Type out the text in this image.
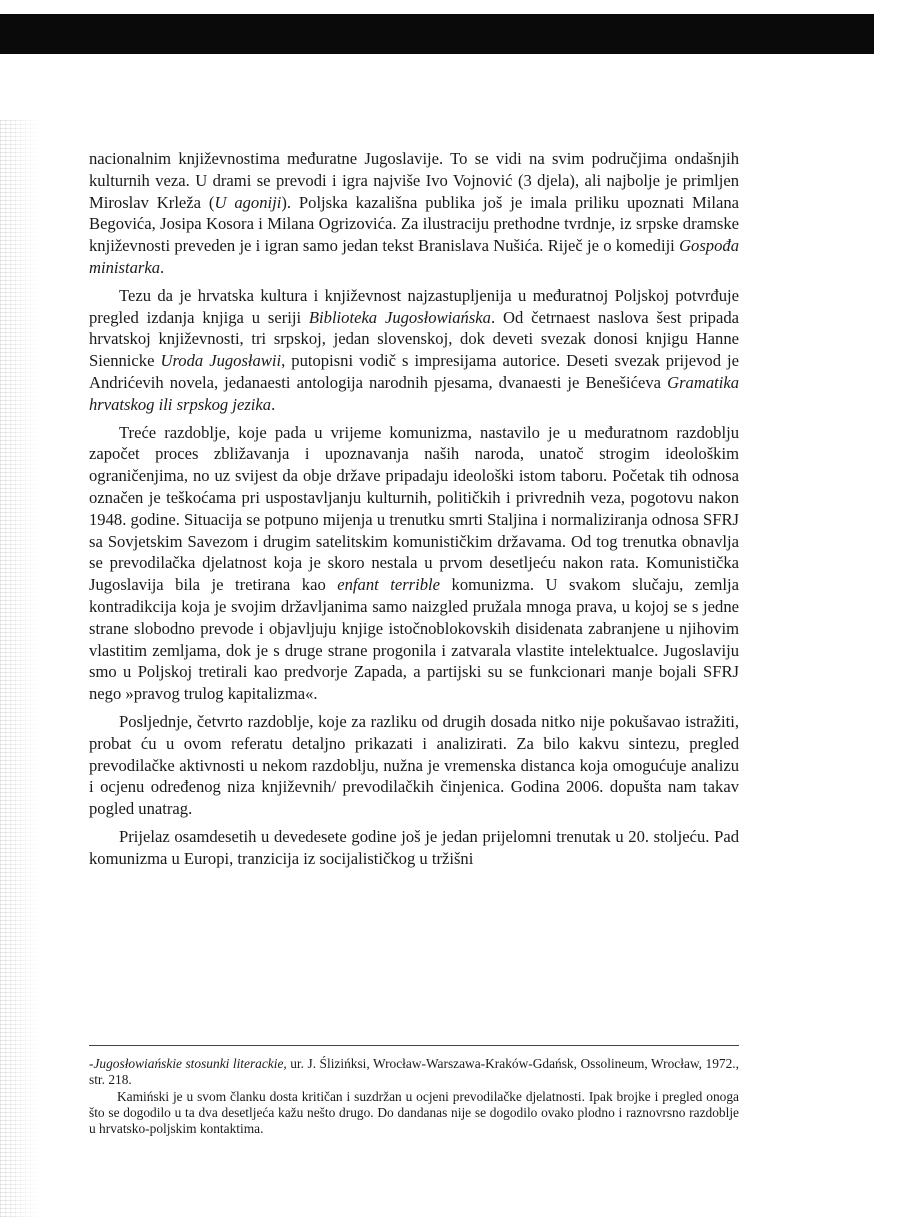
nacionalnim književnostima međuratne Jugoslavije. To se vidi na svim područjima ondašnjih kulturnih veza. U drami se prevodi i igra najviše Ivo Vojnović (3 djela), ali najbolje je primljen Miroslav Krleža (U agoniji). Poljska kazališna publika još je imala priliku upoznati Milana Begovića, Josipa Kosora i Milana Ogrizovića. Za ilustraciju prethodne tvrdnje, iz srpske dramske književnosti preveden je i igran samo jedan tekst Branislava Nušića. Riječ je o komediji Gospođa ministarka.

Tezu da je hrvatska kultura i književnost najzastupljenija u međuratnoj Poljskoj potvrđuje pregled izdanja knjiga u seriji Biblioteka Jugosłowiańska. Od četrnaest naslova šest pripada hrvatskoj književnosti, tri srpskoj, jedan slovenskoj, dok deveti svezak donosi knjigu Hanne Siennicke Uroda Jugosławii, putopisni vodič s impresijama autorice. Deseti svezak prijevod je Andrićevih novela, jedanaesti antologija narodnih pjesama, dvanaesti je Benešićeva Gramatika hrvatskog ili srpskog jezika.

Treće razdoblje, koje pada u vrijeme komunizma, nastavilo je u međuratnom razdoblju započet proces zbližavanja i upoznavanja naših naroda, unatoč strogim ideološkim ograničenjima, no uz svijest da obje države pripadaju ideološki istom taboru. Početak tih odnosa označen je teškoćama pri uspostavljanju kulturnih, političkih i privrednih veza, pogotovu nakon 1948. godine. Situacija se potpuno mijenja u trenutku smrti Staljina i normaliziranja odnosa SFRJ sa Sovjetskim Savezom i drugim satelitskim komunističkim državama. Od tog trenutka obnavlja se prevodilačka djelatnost koja je skoro nestala u prvom desetljeću nakon rata. Komunistička Jugoslavija bila je tretirana kao enfant terrible komunizma. U svakom slučaju, zemlja kontradikcija koja je svojim državljanima samo naizgled pružala mnoga prava, u kojoj se s jedne strane slobodno prevode i objavljuju knjige istočnoblokovskih disidenata zabranjene u njihovim vlastitim zemljama, dok je s druge strane progonila i zatvarala vlastite intelektualce. Jugoslaviju smo u Poljskoj tretirali kao predvorje Zapada, a partijski su se funkcionari manje bojali SFRJ nego »pravog trulog kapitalizma«.

Posljednje, četvrto razdoblje, koje za razliku od drugih dosada nitko nije pokušavao istražiti, probat ću u ovom referatu detaljno prikazati i analizirati. Za bilo kakvu sintezu, pregled prevodilačke aktivnosti u nekom razdoblju, nužna je vremenska distanca koja omogućuje analizu i ocjenu određenog niza književnih/ prevodilačkih činjenica. Godina 2006. dopušta nam takav pogled unatrag.

Prijelaz osamdesetih u devedesete godine još je jedan prijelomni trenutak u 20. stoljeću. Pad komunizma u Europi, tranzicija iz socijalističkog u tržišni

-Jugosłowiańskie stosunki literackie, ur. J. Ślizińksi, Wrocław-Warszawa-Kraków-Gdańsk, Ossolineum, Wrocław, 1972., str. 218.

Kamiński je u svom članku dosta kritičan i suzdržan u ocjeni prevodilačke djelatnosti. Ipak brojke i pregled onoga što se dogodilo u ta dva desetljeća kažu nešto drugo. Do dandanas nije se dogodilo ovako plodno i raznovrsno razdoblje u hrvatsko-poljskim kontaktima.
